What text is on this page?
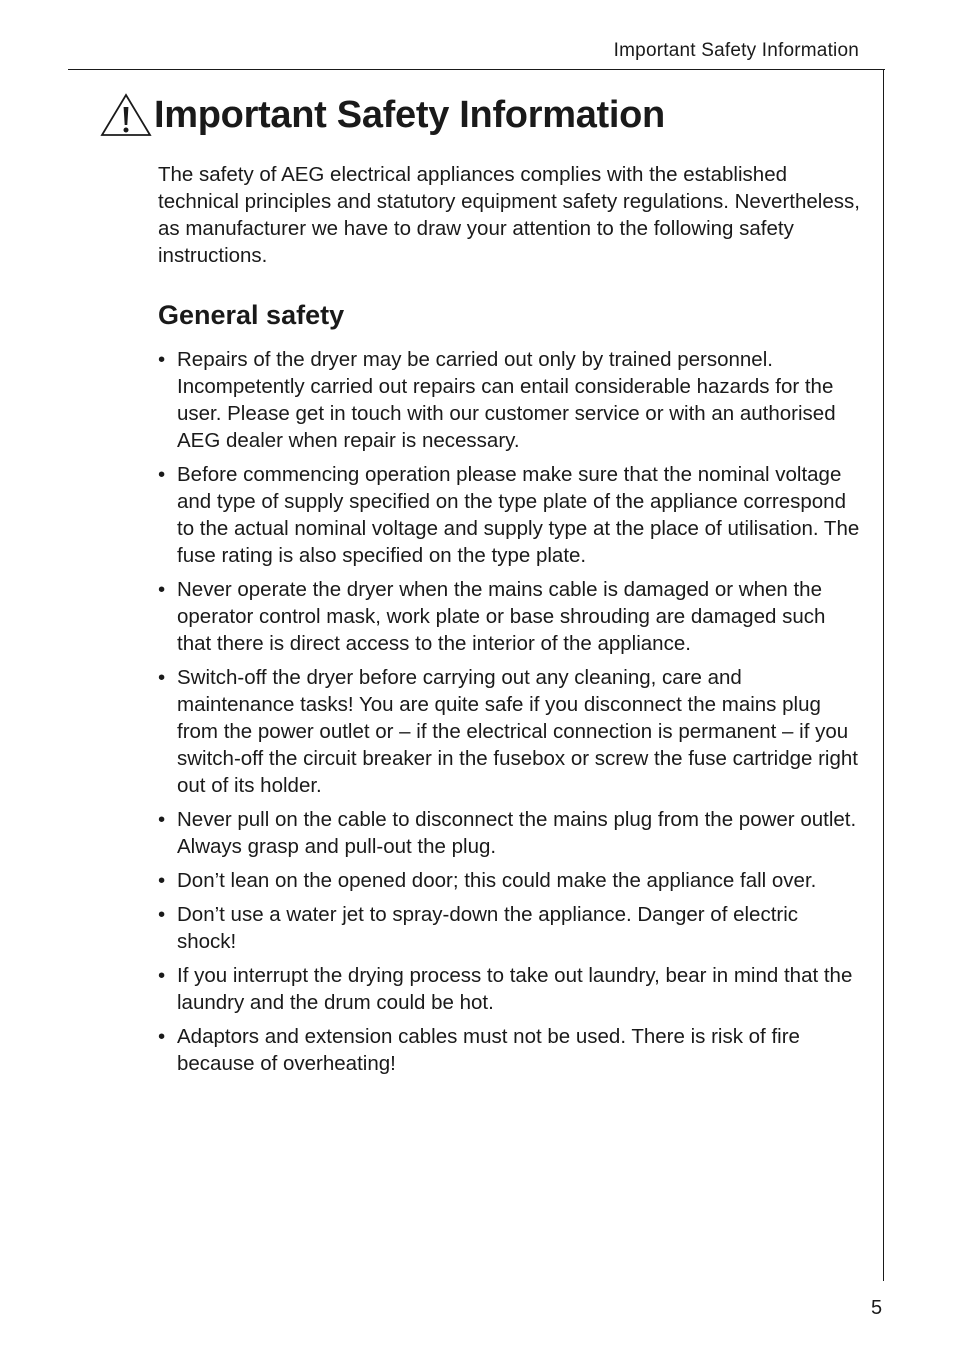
Important Safety Information
Important Safety Information

The safety of AEG electrical appliances complies with the established technical principles and statutory equipment safety regulations. Nevertheless, as manufacturer we have to draw your attention to the following safety instructions.

General safety
• Repairs of the dryer may be carried out only by trained personnel. Incompetently carried out repairs can entail considerable hazards for the user. Please get in touch with our customer service or with an authorised AEG dealer when repair is necessary.
• Before commencing operation please make sure that the nominal voltage and type of supply specified on the type plate of the appliance correspond to the actual nominal voltage and supply type at the place of utilisation. The fuse rating is also specified on the type plate.
• Never operate the dryer when the mains cable is damaged or when the operator control mask, work plate or base shrouding are damaged such that there is direct access to the interior of the appliance.
• Switch-off the dryer before carrying out any cleaning, care and maintenance tasks! You are quite safe if you disconnect the mains plug from the power outlet or – if the electrical connection is permanent – if you switch-off the circuit breaker in the fusebox or screw the fuse cartridge right out of its holder.
• Never pull on the cable to disconnect the mains plug from the power outlet. Always grasp and pull-out the plug.
• Don’t lean on the opened door; this could make the appliance fall over.
• Don’t use a water jet to spray-down the appliance. Danger of electric shock!
• If you interrupt the drying process to take out laundry, bear in mind that the laundry and the drum could be hot.
• Adaptors and extension cables must not be used. There is risk of fire because of overheating!
5
